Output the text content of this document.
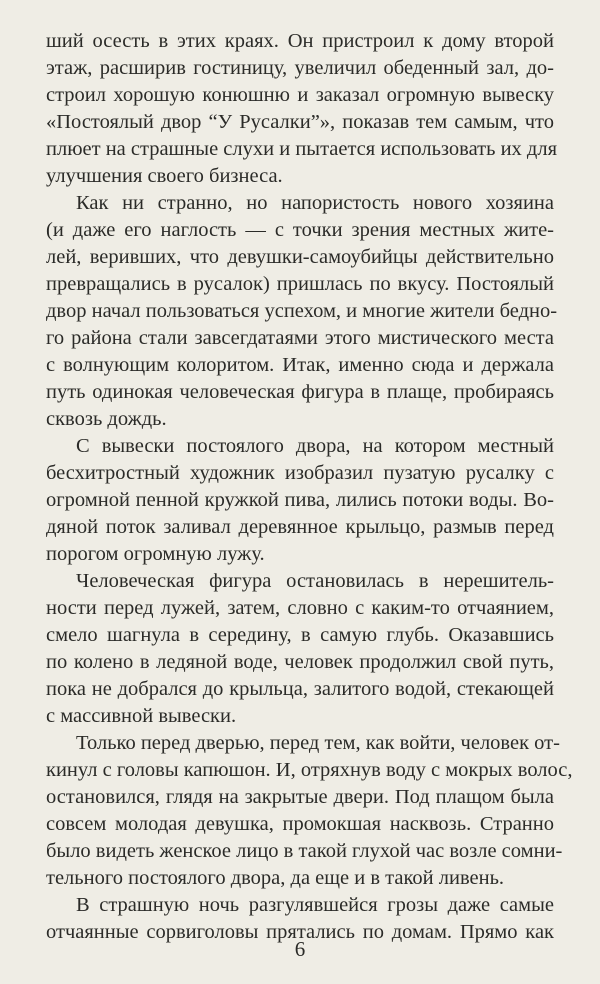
ший осесть в этих краях. Он пристроил к дому второй
этаж, расширив гостиницу, увеличил обеденный зал, до-
строил хорошую конюшню и заказал огромную вывеску
«Постоялый двор “У Русалки”», показав тем самым, что
плюет на страшные слухи и пытается использовать их для
улучшения своего бизнеса.
Как ни странно, но напористость нового хозяина
(и даже его наглость — с точки зрения местных жите-
лей, веривших, что девушки-самоубийцы действительно
превращались в русалок) пришлась по вкусу. Постоялый
двор начал пользоваться успехом, и многие жители бедно-
го района стали завсегдатаями этого мистического места
с волнующим колоритом. Итак, именно сюда и держала
путь одинокая человеческая фигура в плаще, пробираясь
сквозь дождь.
С вывески постоялого двора, на котором местный
бесхитростный художник изобразил пузатую русалку с
огромной пенной кружкой пива, лились потоки воды. Во-
дяной поток заливал деревянное крыльцо, размыв перед
порогом огромную лужу.
Человеческая фигура остановилась в нерешитель-
ности перед лужей, затем, словно с каким-то отчаянием,
смело шагнула в середину, в самую глубь. Оказавшись
по колено в ледяной воде, человек продолжил свой путь,
пока не добрался до крыльца, залитого водой, стекающей
с массивной вывески.
Только перед дверью, перед тем, как войти, человек от-
кинул с головы капюшон. И, отряхнув воду с мокрых волос,
остановился, глядя на закрытые двери. Под плащом была
совсем молодая девушка, промокшая насквозь. Странно
было видеть женское лицо в такой глухой час возле сомни-
тельного постоялого двора, да еще и в такой ливень.
В страшную ночь разгулявшейся грозы даже самые
отчаянные сорвиголовы прятались по домам. Прямо как
6
